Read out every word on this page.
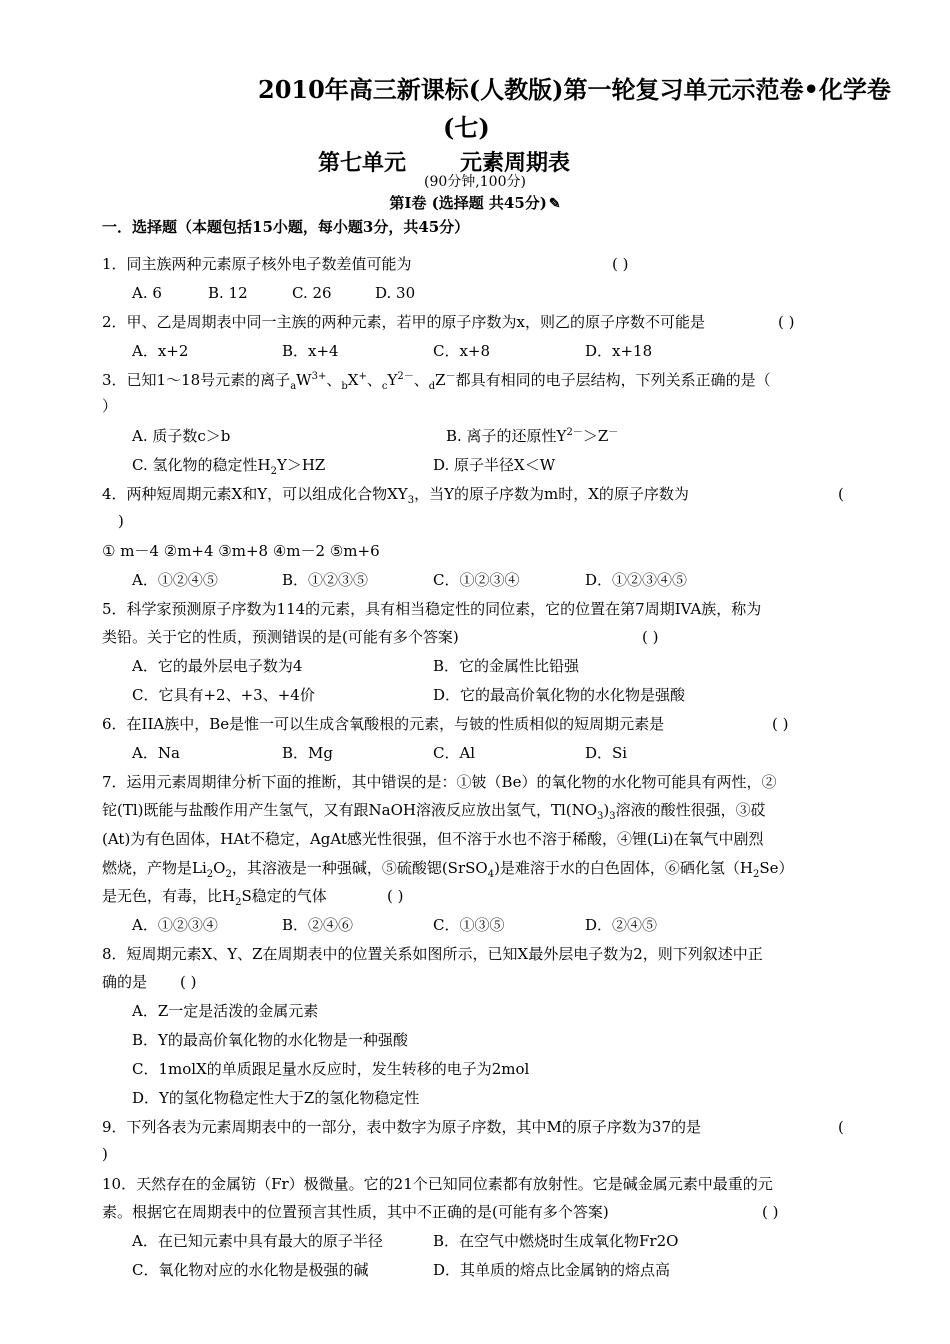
2010年高三新课标(人教版)第一轮复习单元示范卷•化学卷
(七)
第七单元 元素周期表
(90分钟,100分)
第Ⅰ卷 (选择题 共45分) ✎
一．选择题（本题包括15小题，每小题3分，共45分）
1．同主族两种元素原子核外电子数差值可能为	( )
A. 6	B. 12	C. 26	D. 30
2．甲、乙是周期表中同一主族的两种元素，若甲的原子序数为x，则乙的原子序数不可能是	( )
A．x+2	B．x+4	C．x+8	D．x+18
3．已知1～18号元素的离子$_aW^{3+}$、$_b$X+、$_cY^{2-}$、$_d$Z－都具有相同的电子层结构，下列关系正确的是（
）
A. 质子数c＞b	B. 离子的还原性$Y^{2-}>Z^-$
C. 氢化物的稳定性$H_2Y>HZ$	D. 原子半径X＜W
4．两种短周期元素X和Y，可以组成化合物$XY_3$，当Y的原子序数为m时，X的原子序数为	(
)
① m－4 ②m+4 ③m+8 ④m－2 ⑤m+6
A．①②④⑤	B．①②③⑤	C．①②③④	D．①②③④⑤
5．科学家预测原子序数为114的元素，具有相当稳定性的同位素，它的位置在第7周期IVA族，称为
类铅。关于它的性质，预测错误的是(可能有多个答案)	( )
A．它的最外层电子数为4	B．它的金属性比铅强
C．它具有+2、+3、+4价	D．它的最高价氧化物的水化物是强酸
6．在IIA族中，Be是惟一可以生成含氧酸根的元素，与铍的性质相似的短周期元素是	( )
A．Na	B．Mg	C．Al	D．Si
7．运用元素周期律分析下面的推断，其中错误的是：①铍（Be）的氧化物的水化物可能具有两性，②
铊(Tl)既能与盐酸作用产生氢气，又有跟NaOH溶液反应放出氢气，$Tl(NO_3)_3$溶液的酸性很强，③砹
(At)为有色固体，HAt不稳定，AgAt感光性很强，但不溶于水也不溶于稀酸，④锂(Li)在氧气中剧烈
燃烧，产物是$Li_2O_2$，其溶液是一种强碱，⑤硫酸锶(SrSO$_4$)是难溶于水的白色固体，⑥硒化氢$(H_2Se)$
是无色，有毒，比$H_2S$稳定的气体	( )
A．①②③④	B．②④⑥	C．①③⑤	D．②④⑤
8．短周期元素X、Y、Z在周期表中的位置关系如图所示，已知X最外层电子数为2，则下列叙述中正
确的是 ( )
A．Z一定是活泼的金属元素
B．Y的最高价氧化物的水化物是一种强酸
C．1molX的单质跟足量水反应时，发生转移的电子为2mol
D．Y的氢化物稳定性大于Z的氢化物稳定性
9．下列各表为元素周期表中的一部分，表中数字为原子序数，其中M的原子序数为37的是	(
)
10．天然存在的金属钫（Fr）极微量。它的21个已知同位素都有放射性。它是碱金属元素中最重的元
素。根据它在周期表中的位置预言其性质，其中不正确的是(可能有多个答案)	( )
A．在已知元素中具有最大的原子半径	B．在空气中燃烧时生成氧化物Fr2O
C．氧化物对应的水化物是极强的碱	D．其单质的熔点比金属钠的熔点高
